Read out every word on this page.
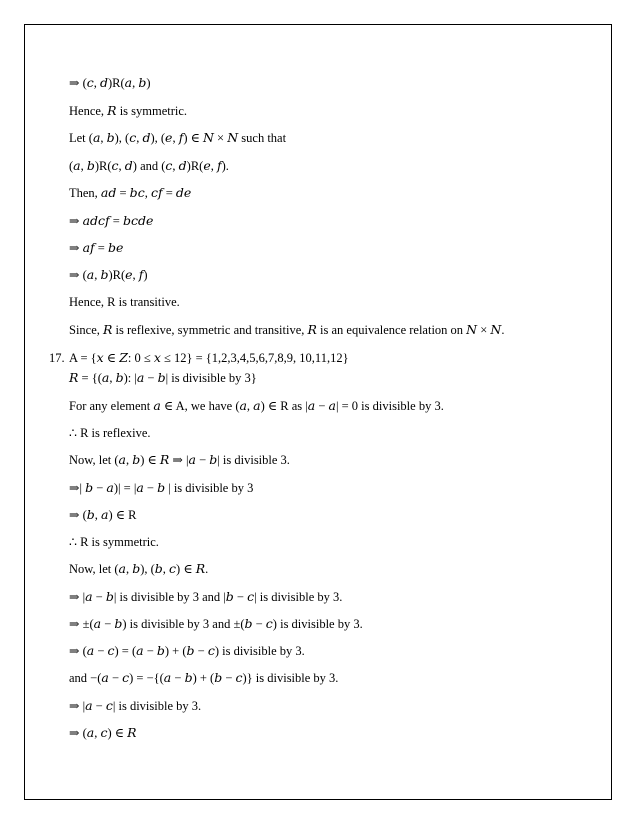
⇒ (𝑐, 𝑑)R(𝑎, 𝑏)
Hence, 𝑅 is symmetric.
Let (𝑎, 𝑏), (𝑐, 𝑑), (𝑒, 𝑓) ∈ 𝑁 × 𝑁 such that
(𝑎, 𝑏)R(𝑐, 𝑑) and (𝑐, 𝑑)R(𝑒, 𝑓).
Then, 𝑎𝑑 = 𝑏𝑐, 𝑐𝑓 = 𝑑𝑒
⇒ 𝑎𝑑𝑐𝑓 = 𝑏𝑐𝑑𝑒
⇒ 𝑎𝑓 = 𝑏𝑒
⇒ (𝑎, 𝑏)R(𝑒, 𝑓)
Hence, R is transitive.
Since, 𝑅 is reflexive, symmetric and transitive, 𝑅 is an equivalence relation on 𝑁 × 𝑁.
17. A = {𝑥 ∈ 𝑍: 0 ≤ 𝑥 ≤ 12} = {1,2,3,4,5,6,7,8,9, 10,11,12}
𝑅 = {(𝑎, 𝑏): |𝑎 − 𝑏| is divisible by 3}
For any element 𝑎 ∈ A, we have (𝑎, 𝑎) ∈ R as |𝑎 − 𝑎| = 0 is divisible by 3.
∴ R is reflexive.
Now, let (𝑎, 𝑏) ∈ 𝑅 ⇒ |𝑎 − 𝑏| is divisible 3.
⇒| 𝑏 − 𝑎)| = |𝑎 − 𝑏 | is divisible by 3
⇒ (𝑏, 𝑎) ∈ R
∴ R is symmetric.
Now, let (𝑎, 𝑏), (𝑏, 𝑐) ∈ 𝑅.
⇒ |𝑎 − 𝑏| is divisible by 3 and |𝑏 − 𝑐| is divisible by 3.
⇒ ±(𝑎 − 𝑏) is divisible by 3 and ±(𝑏 − 𝑐) is divisible by 3.
⇒ (𝑎 − 𝑐) = (𝑎 − 𝑏) + (𝑏 − 𝑐) is divisible by 3.
and −(𝑎 − 𝑐) = −{(𝑎 − 𝑏) + (𝑏 − 𝑐)} is divisible by 3.
⇒ |𝑎 − 𝑐| is divisible by 3.
⇒ (𝑎, 𝑐) ∈ 𝑅
